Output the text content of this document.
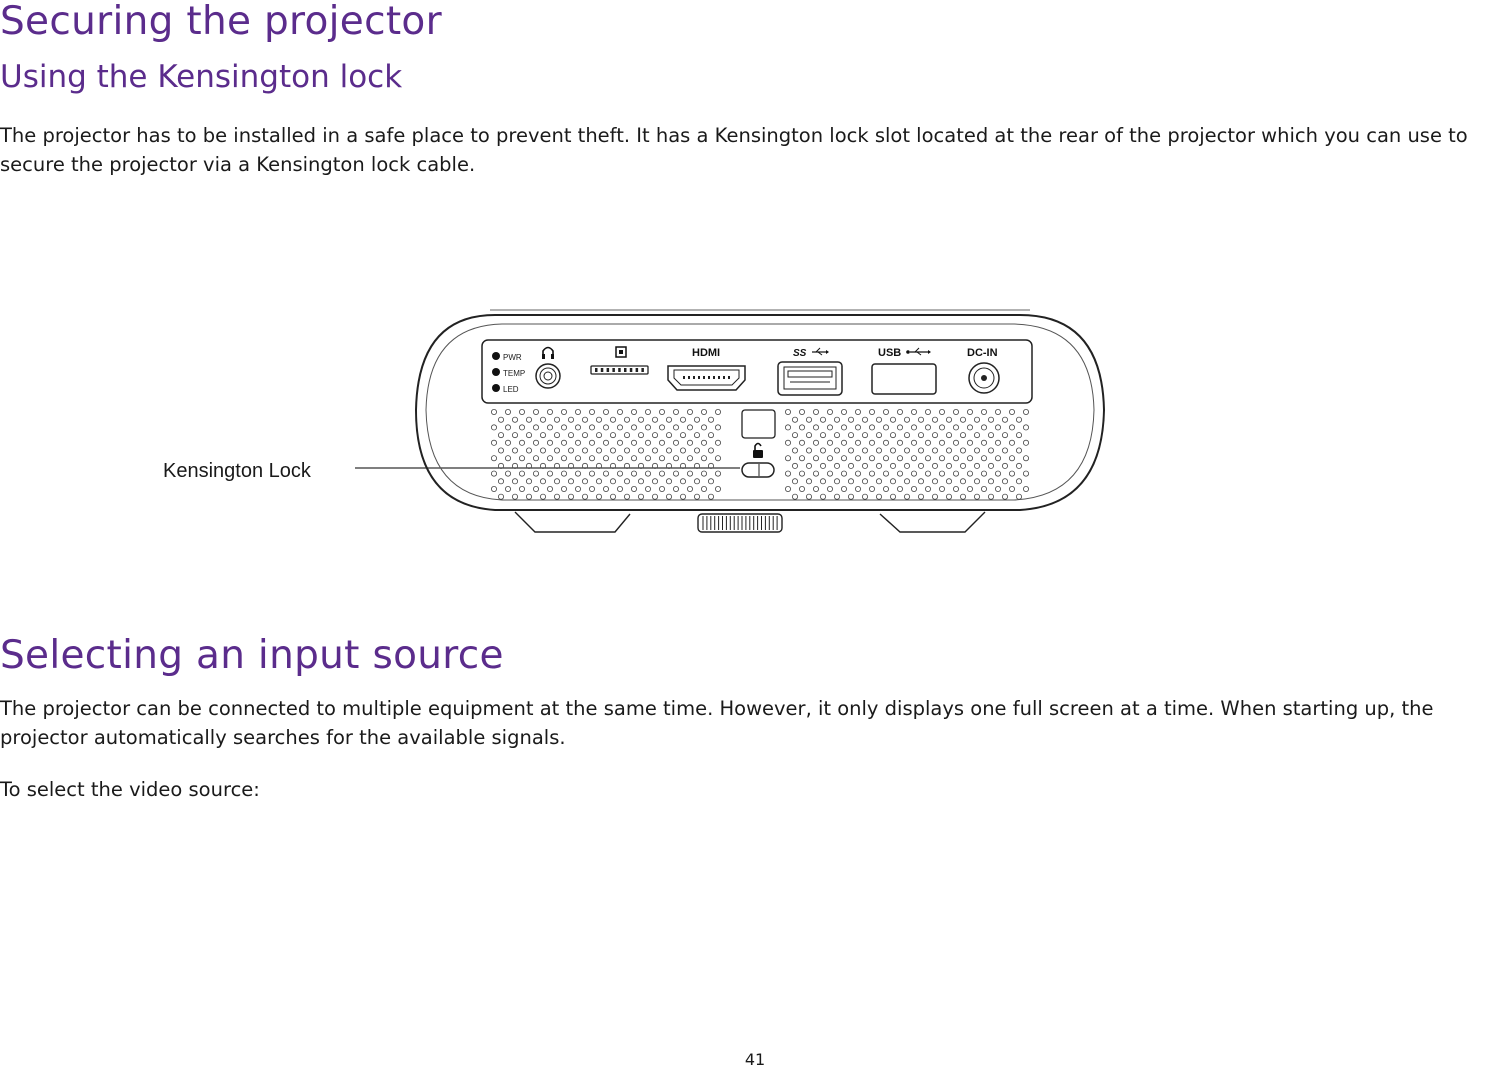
Securing the projector
Using the Kensington lock

The projector has to be installed in a safe place to prevent theft. It has a Kensington lock slot located at the rear of the projector which you can use to secure the projector via a Kensington lock cable.

Kensington Lock
PWR
TEMP
LED
HDMI	SS	USB	DC-IN
Selecting an input source

The projector can be connected to multiple equipment at the same time. However, it only displays one full screen at a time. When starting up, the projector automatically searches for the available signals.

To select the video source:

41
